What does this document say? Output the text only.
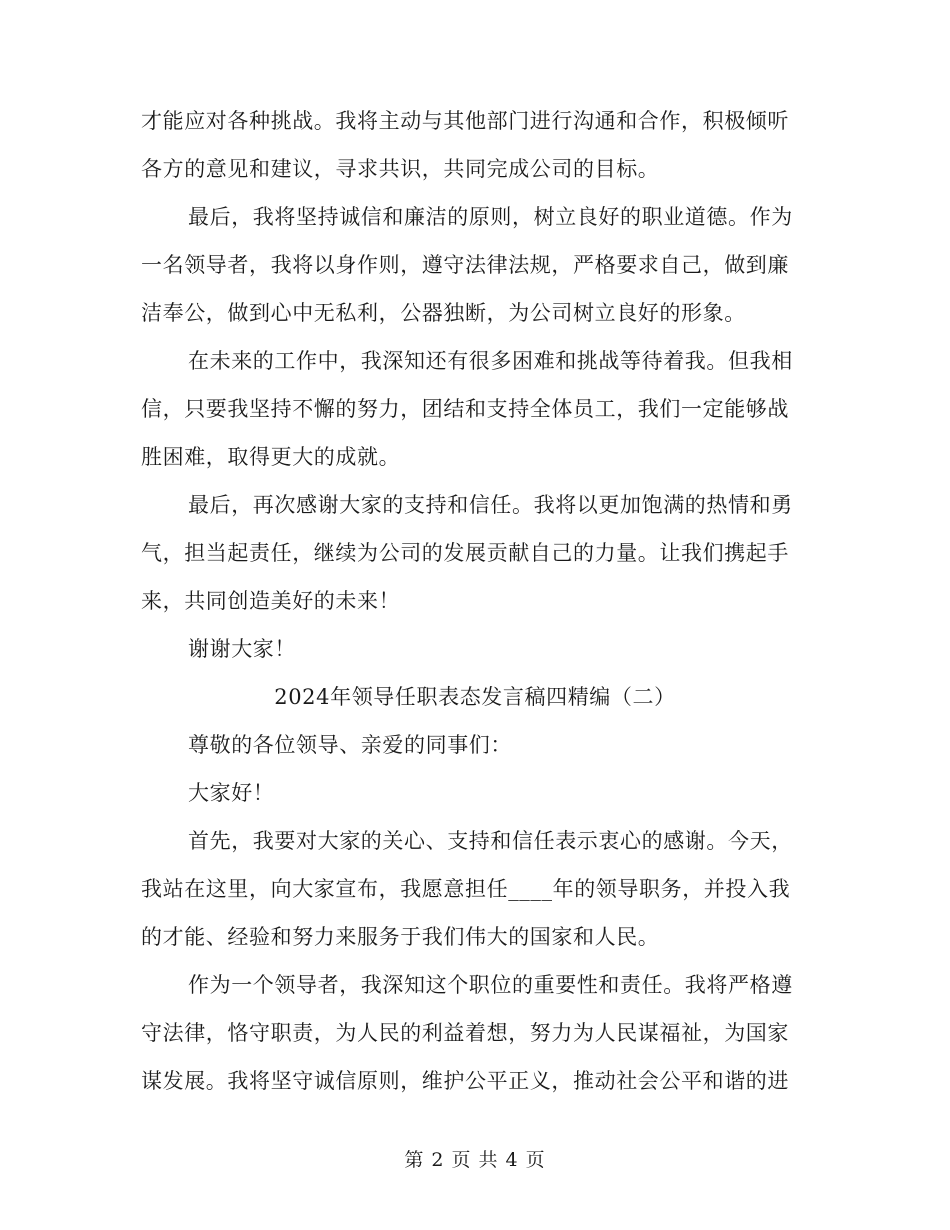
才能应对各种挑战。我将主动与其他部门进行沟通和合作，积极倾听
各方的意见和建议，寻求共识，共同完成公司的目标。
最后，我将坚持诚信和廉洁的原则，树立良好的职业道德。作为
一名领导者，我将以身作则，遵守法律法规，严格要求自己，做到廉
洁奉公，做到心中无私利，公器独断，为公司树立良好的形象。
在未来的工作中，我深知还有很多困难和挑战等待着我。但我相
信，只要我坚持不懈的努力，团结和支持全体员工，我们一定能够战
胜困难，取得更大的成就。
最后，再次感谢大家的支持和信任。我将以更加饱满的热情和勇
气，担当起责任，继续为公司的发展贡献自己的力量。让我们携起手
来，共同创造美好的未来！
谢谢大家！
2024年领导任职表态发言稿四精编（二）
尊敬的各位领导、亲爱的同事们：
大家好！
首先，我要对大家的关心、支持和信任表示衷心的感谢。今天，
我站在这里，向大家宣布，我愿意担任____年的领导职务，并投入我
的才能、经验和努力来服务于我们伟大的国家和人民。
作为一个领导者，我深知这个职位的重要性和责任。我将严格遵
守法律，恪守职责，为人民的利益着想，努力为人民谋福祉，为国家
谋发展。我将坚守诚信原则，维护公平正义，推动社会公平和谐的进
第 2 页 共 4 页
